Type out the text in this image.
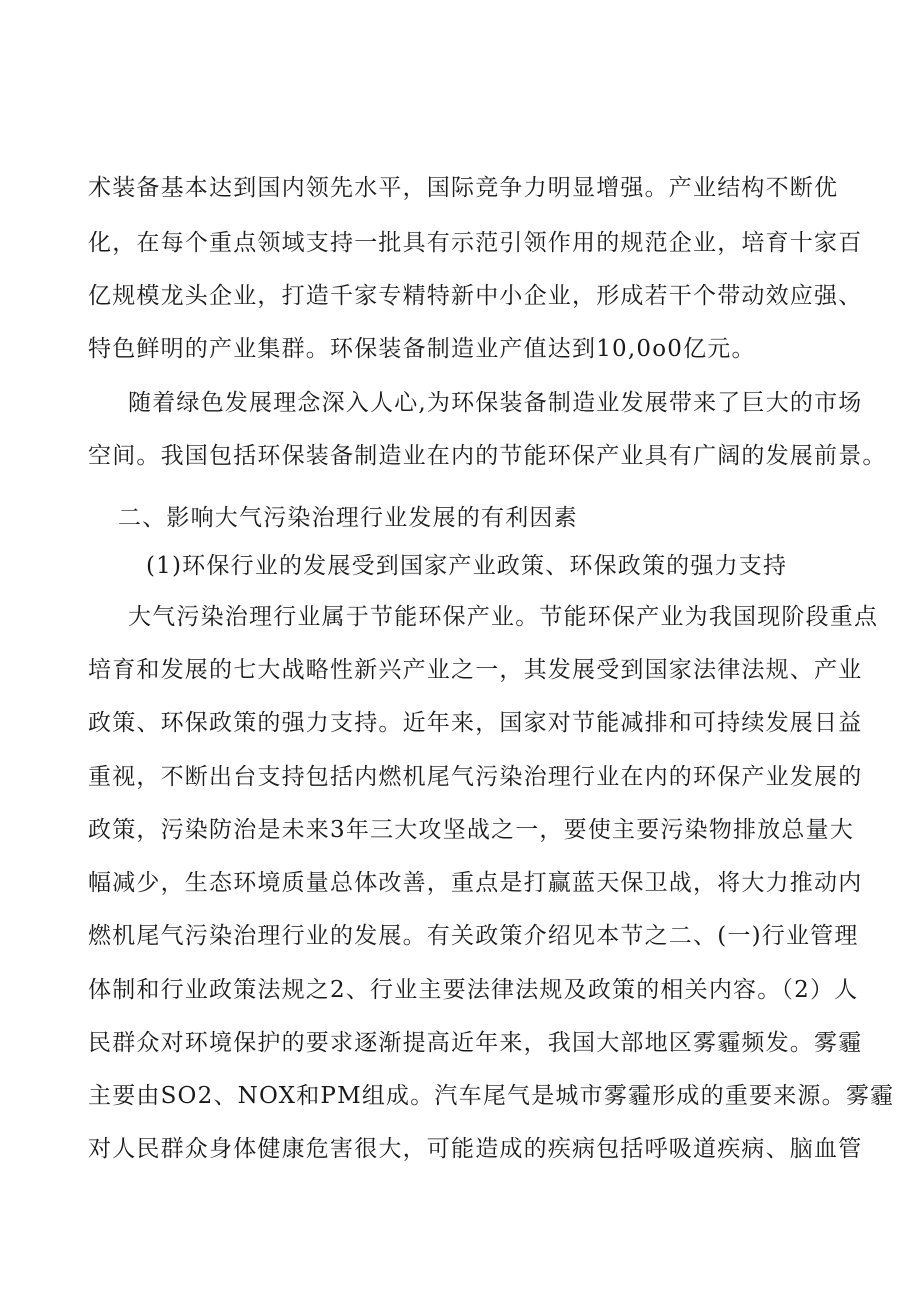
术装备基本达到国内领先水平，国际竞争力明显增强。产业结构不断优
化，在每个重点领域支持一批具有示范引领作用的规范企业，培育十家百
亿规模龙头企业，打造千家专精特新中小企业，形成若干个带动效应强、
特色鲜明的产业集群。环保装备制造业产值达到10,0o0亿元。
随着绿色发展理念深入人心,为环保装备制造业发展带来了巨大的市场
空间。我国包括环保装备制造业在内的节能环保产业具有广阔的发展前景。
二、影响大气污染治理行业发展的有利因素
(1)环保行业的发展受到国家产业政策、环保政策的强力支持
大气污染治理行业属于节能环保产业。节能环保产业为我国现阶段重点
培育和发展的七大战略性新兴产业之一，其发展受到国家法律法规、产业
政策、环保政策的强力支持。近年来，国家对节能减排和可持续发展日益
重视，不断出台支持包括内燃机尾气污染治理行业在内的环保产业发展的
政策，污染防治是未来3年三大攻坚战之一，要使主要污染物排放总量大
幅减少，生态环境质量总体改善，重点是打赢蓝天保卫战，将大力推动内
燃机尾气污染治理行业的发展。有关政策介绍见本节之二、(一)行业管理
体制和行业政策法规之2、行业主要法律法规及政策的相关内容。（2）人
民群众对环境保护的要求逐渐提高近年来，我国大部地区雾霾频发。雾霾
主要由SO2、NOX和PM组成。汽车尾气是城市雾霾形成的重要来源。雾霾
对人民群众身体健康危害很大，可能造成的疾病包括呼吸道疾病、脑血管
